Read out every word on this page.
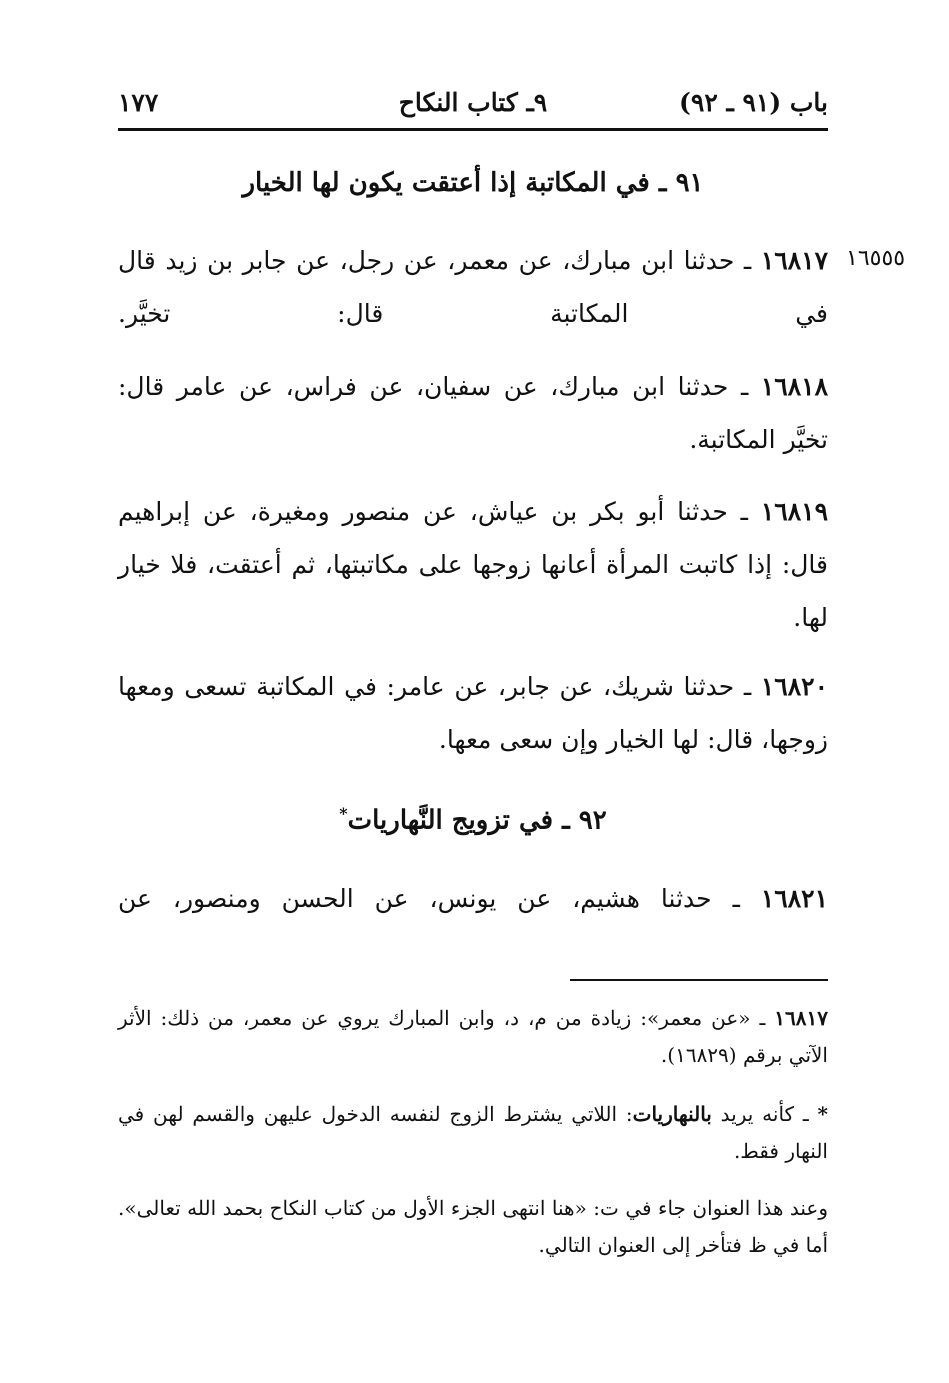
باب (٩١ ـ ٩٢)
٩ـ كتاب النكاح
١٧٧
٩١ ـ في المكاتبة إذا أعتقت يكون لها الخيار
١٦٥٥٥
١٦٨١٧ ـ حدثنا ابن مبارك، عن معمر، عن رجل، عن جابر بن زيد قال في المكاتبة قال: تخيَّر.
١٦٨١٨ ـ حدثنا ابن مبارك، عن سفيان، عن فراس، عن عامر قال: تخيَّر المكاتبة.
١٦٨١٩ ـ حدثنا أبو بكر بن عياش، عن منصور ومغيرة، عن إبراهيم قال: إذا كاتبت المرأة أعانها زوجها على مكاتبتها، ثم أعتقت، فلا خيار لها.
١٦٨٢٠ ـ حدثنا شريك، عن جابر، عن عامر: في المكاتبة تسعى ومعها زوجها، قال: لها الخيار وإن سعى معها.
٩٢ ـ في تزويج النَّهاريات*
١٦٨٢١ ـ حدثنا هشيم، عن يونس، عن الحسن ومنصور، عن
١٦٨١٧ ـ «عن معمر»: زيادة من م، د، وابن المبارك يروي عن معمر، من ذلك: الأثر الآتي برقم (١٦٨٢٩).
* ـ كأنه يريد بالنهاريات: اللاتي يشترط الزوج لنفسه الدخول عليهن والقسم لهن في النهار فقط.
وعند هذا العنوان جاء في ت: «هنا انتهى الجزء الأول من كتاب النكاح بحمد الله تعالى». أما في ظ فتأخر إلى العنوان التالي.
